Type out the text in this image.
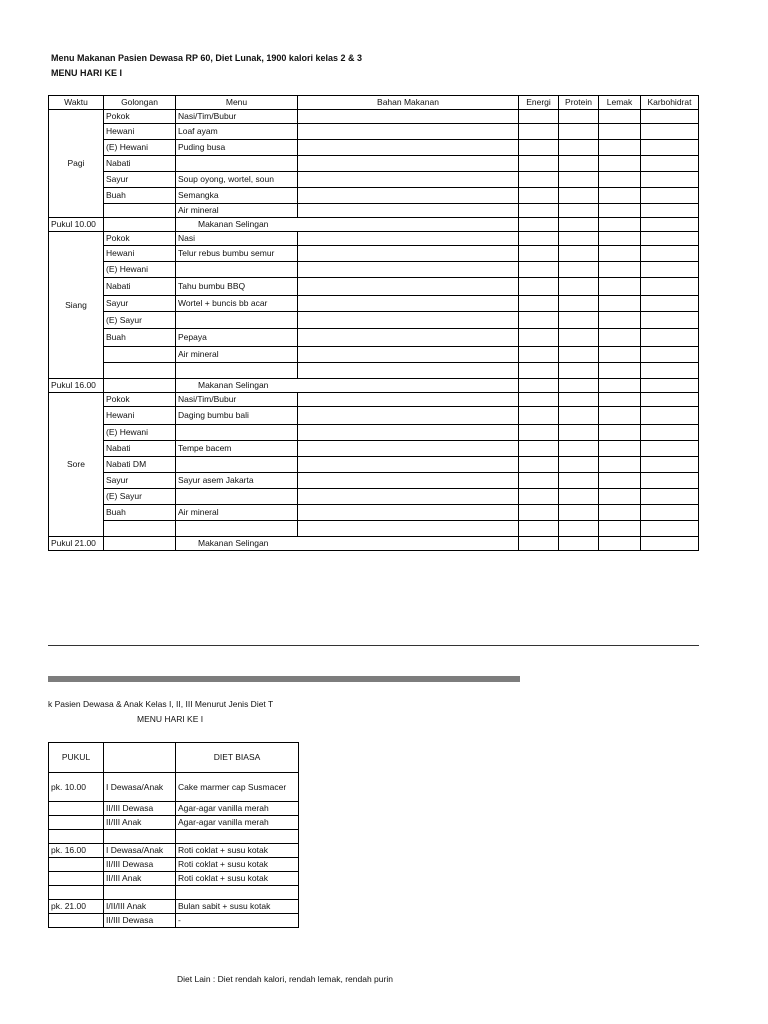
Menu Makanan Pasien Dewasa RP 60, Diet Lunak, 1900 kalori kelas 2 & 3
MENU HARI KE I
Waktu	Golongan	Menu	Bahan Makanan	Energi	Protein	Lemak	Karbohidrat
Pagi	Pokok	Nasi/Tim/Bubur					
	Hewani	Loaf ayam					
	(E) Hewani	Puding busa					
	Nabati						
	Sayur	Soup oyong, wortel, soun					
	Buah	Semangka					
		Air mineral					
Pukul 10.00		Makanan Selingan					
Siang	Pokok	Nasi					
	Hewani	Telur rebus bumbu semur					
	(E) Hewani						
	Nabati	Tahu bumbu BBQ					
	Sayur	Wortel + buncis bb acar					
	(E) Sayur						
	Buah	Pepaya					
		Air mineral					

Pukul 16.00		Makanan Selingan					
Sore	Pokok	Nasi/Tim/Bubur					
	Hewani	Daging bumbu bali					
	(E) Hewani						
	Nabati	Tempe bacem					
	Nabati DM						
	Sayur	Sayur asem Jakarta					
	(E) Sayur						
	Buah	Air mineral					

Pukul 21.00		Makanan Selingan					
k Pasien Dewasa & Anak Kelas I, II, III Menurut Jenis Diet T
MENU HARI KE I
PUKUL		DIET BIASA
pk. 10.00	I Dewasa/Anak	Cake marmer cap Susmacer
	II/III Dewasa	Agar-agar vanilla merah
	II/III Anak	Agar-agar vanilla merah

pk. 16.00	I Dewasa/Anak	Roti coklat + susu kotak
	II/III Dewasa	Roti coklat + susu kotak
	II/III Anak	Roti coklat + susu kotak

pk. 21.00	I/II/III Anak	Bulan sabit + susu kotak
	II/III Dewasa	-
Diet Lain : Diet rendah kalori, rendah lemak, rendah purin
